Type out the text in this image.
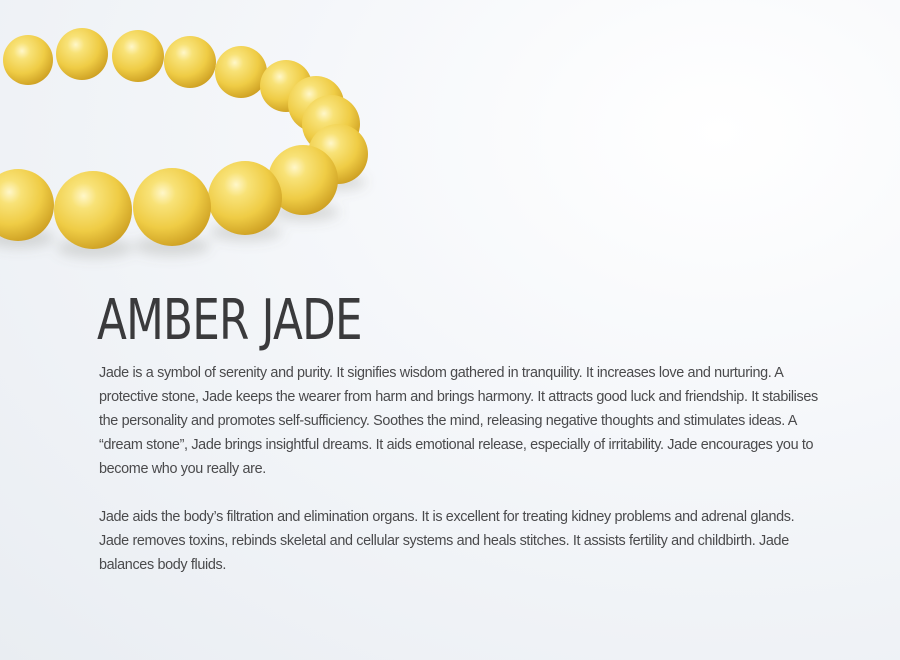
AMBER JADE

Jade is a symbol of serenity and purity. It signifies wisdom gathered in tranquility. It increases love and nurturing. A protective stone, Jade keeps the wearer from harm and brings harmony. It attracts good luck and friendship. It stabilises the personality and promotes self-sufficiency. Soothes the mind, releasing negative thoughts and stimulates ideas. A “dream stone”, Jade brings insightful dreams. It aids emotional release, especially of irritability. Jade encourages you to become who you really are.

Jade aids the body’s filtration and elimination organs. It is excellent for treating kidney problems and adrenal glands. Jade removes toxins, rebinds skeletal and cellular systems and heals stitches. It assists fertility and childbirth. Jade balances body fluids.
